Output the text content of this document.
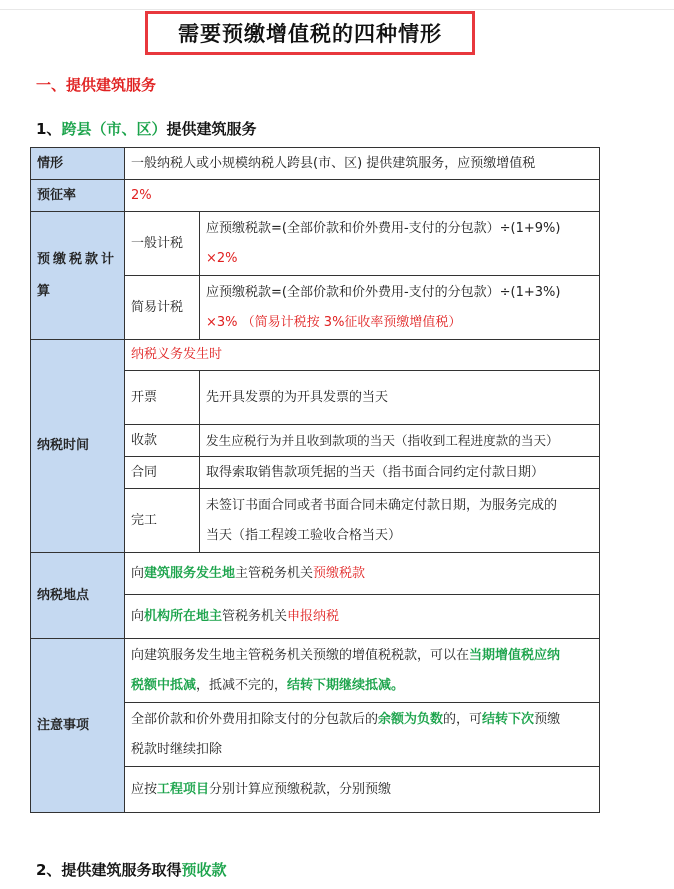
需要预缴增值税的四种情形
一、提供建筑服务
1、跨县（市、区）提供建筑服务
情形	一般纳税人或小规模纳税人跨县(市、区) 提供建筑服务，应预缴增值税	
预征率	2%	
预缴税款计
算	一般计税	应预缴税款=(全部价款和价外费用-支付的分包款）÷(1+9%)
×2%
	简易计税	应预缴税款=(全部价款和价外费用-支付的分包款）÷(1+3%)
×3% （简易计税按 3%征收率预缴增值税）
纳税时间	纳税义务发生时	
	开票	先开具发票的为开具发票的当天
	收款	发生应税行为并且收到款项的当天（指收到工程进度款的当天）
	合同	取得索取销售款项凭据的当天（指书面合同约定付款日期）
	完工	未签订书面合同或者书面合同未确定付款日期，为服务完成的
当天（指工程竣工验收合格当天）
纳税地点	向建筑服务发生地主管税务机关预缴税款	
	向机构所在地主管税务机关申报纳税	
注意事项	向建筑服务发生地主管税务机关预缴的增值税税款，可以在当期增值税应纳
税额中抵减，抵减不完的，结转下期继续抵减。	
	全部价款和价外费用扣除支付的分包款后的余额为负数的，可结转下次预缴
税款时继续扣除	
	应按工程项目分别计算应预缴税款，分别预缴	
2、提供建筑服务取得预收款
